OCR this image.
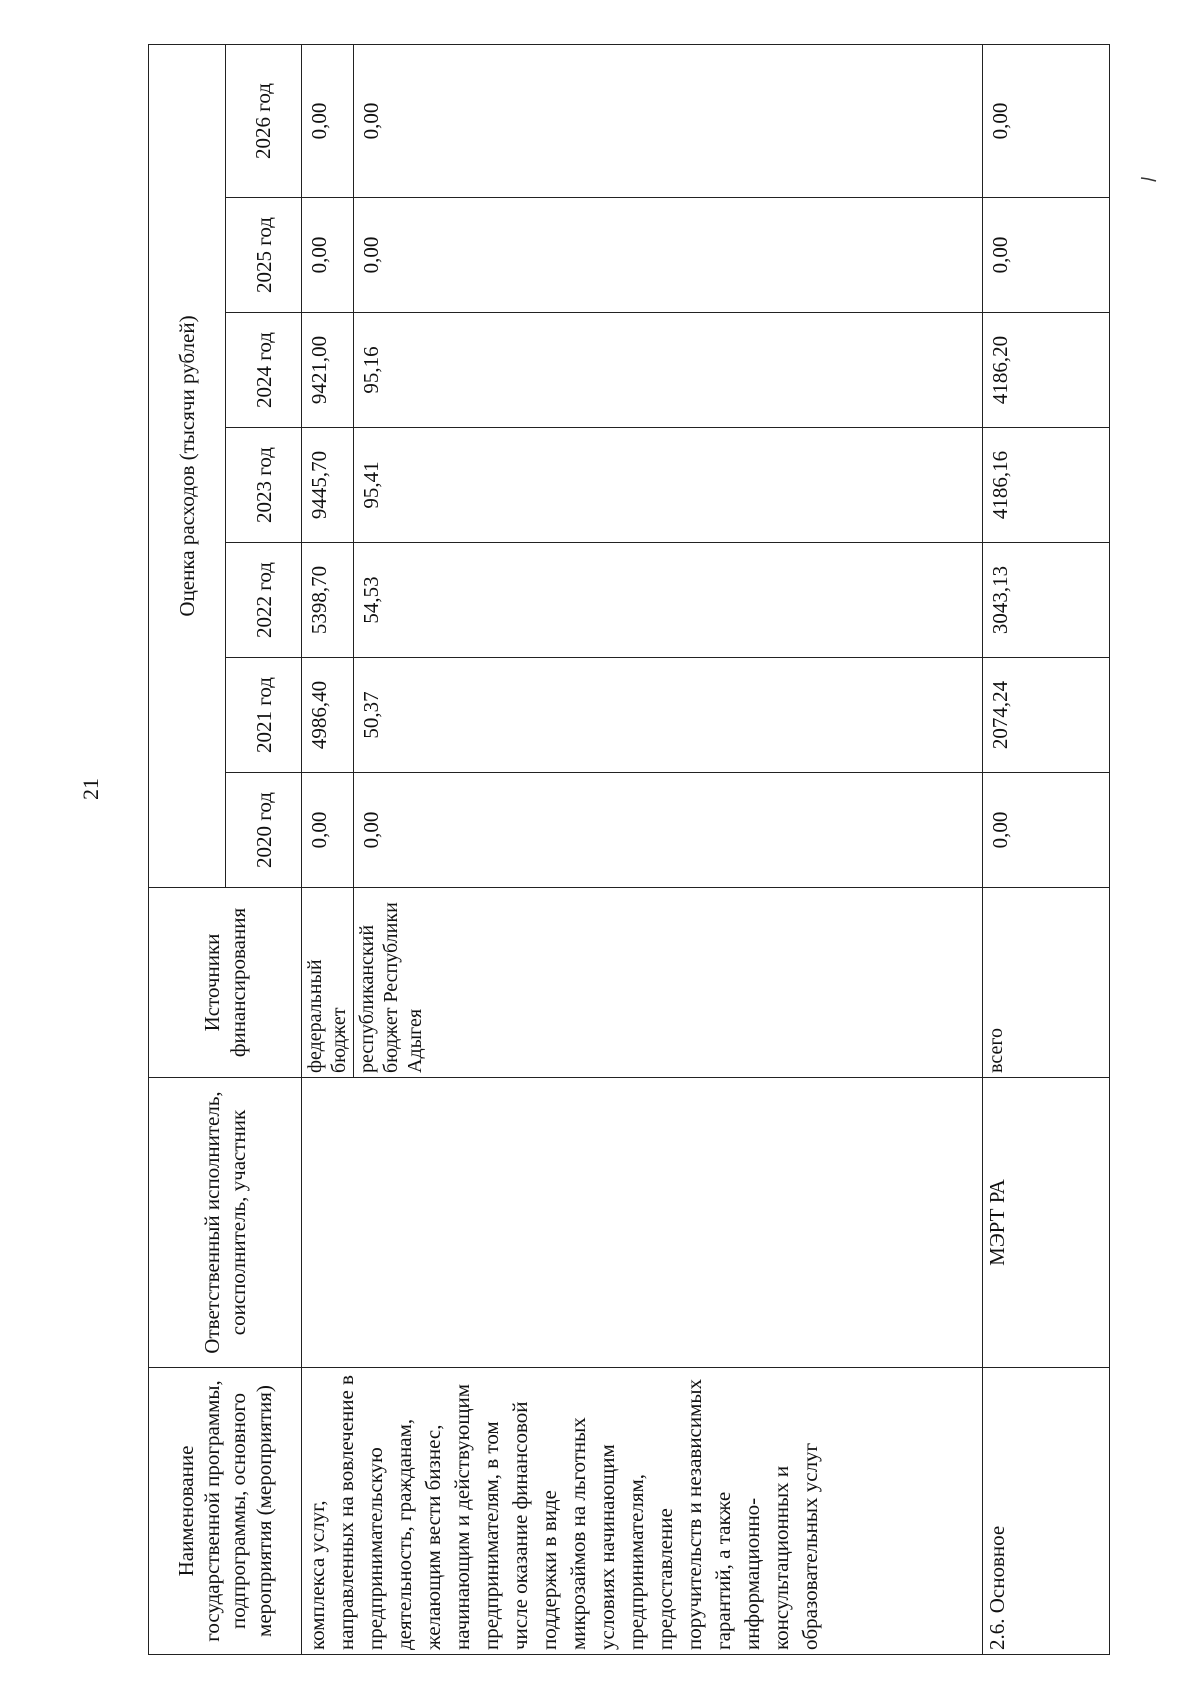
21
Наименование государственной программы, подпрограммы, основного мероприятия (мероприятия)	Ответственный исполнитель, соисполнитель, участник	Источники финансирования	Оценка расходов (тысячи рублей)						
			2020 год	2021 год	2022 год	2023 год	2024 год	2025 год	2026 год
комплекса услуг, направленных на вовлечение в предпринимательскую деятельность, гражданам, желающим вести бизнес, начинающим и действующим предпринимателям, в том числе оказание финансовой поддержки в виде микрозаймов на льготных условиях начинающим предпринимателям, предоставление поручительств и независимых гарантий, а также информационно-консультационных и образовательных услуг		федеральный бюджет	0,00	4986,40	5398,70	9445,70	9421,00	0,00	0,00
		республиканский бюджет Республики Адыгея	0,00	50,37	54,53	95,41	95,16	0,00	0,00
2.6. Основное	МЭРТ РА	всего	0,00	2074,24	3043,13	4186,16	4186,20	0,00	0,00
